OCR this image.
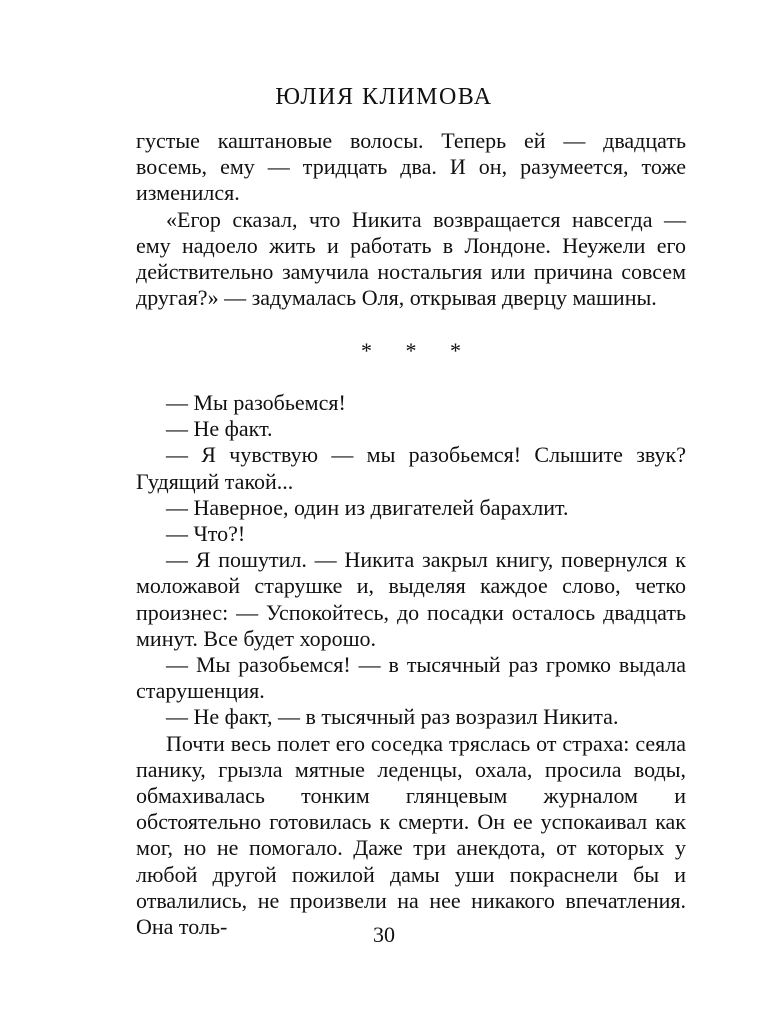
ЮЛИЯ КЛИМОВА

густые каштановые волосы. Теперь ей — двадцать восемь, ему — тридцать два. И он, разумеется, тоже изменился.

«Егор сказал, что Никита возвращается навсегда — ему надоело жить и работать в Лондоне. Неужели его действительно замучила ностальгия или причина совсем другая?» — задумалась Оля, открывая дверцу машины.

* * *

— Мы разобьемся!

— Не факт.

— Я чувствую — мы разобьемся! Слышите звук? Гудящий такой...

— Наверное, один из двигателей барахлит.

— Что?!

— Я пошутил. — Никита закрыл книгу, повернулся к моложавой старушке и, выделяя каждое слово, четко произнес: — Успокойтесь, до посадки осталось двадцать минут. Все будет хорошо.

— Мы разобьемся! — в тысячный раз громко выдала старушенция.

— Не факт, — в тысячный раз возразил Никита.

Почти весь полет его соседка тряслась от страха: сеяла панику, грызла мятные леденцы, охала, просила воды, обмахивалась тонким глянцевым журналом и обстоятельно готовилась к смерти. Он ее успокаивал как мог, но не помогало. Даже три анекдота, от которых у любой другой пожилой дамы уши покраснели бы и отвалились, не произвели на нее никакого впечатления. Она толь-	30
